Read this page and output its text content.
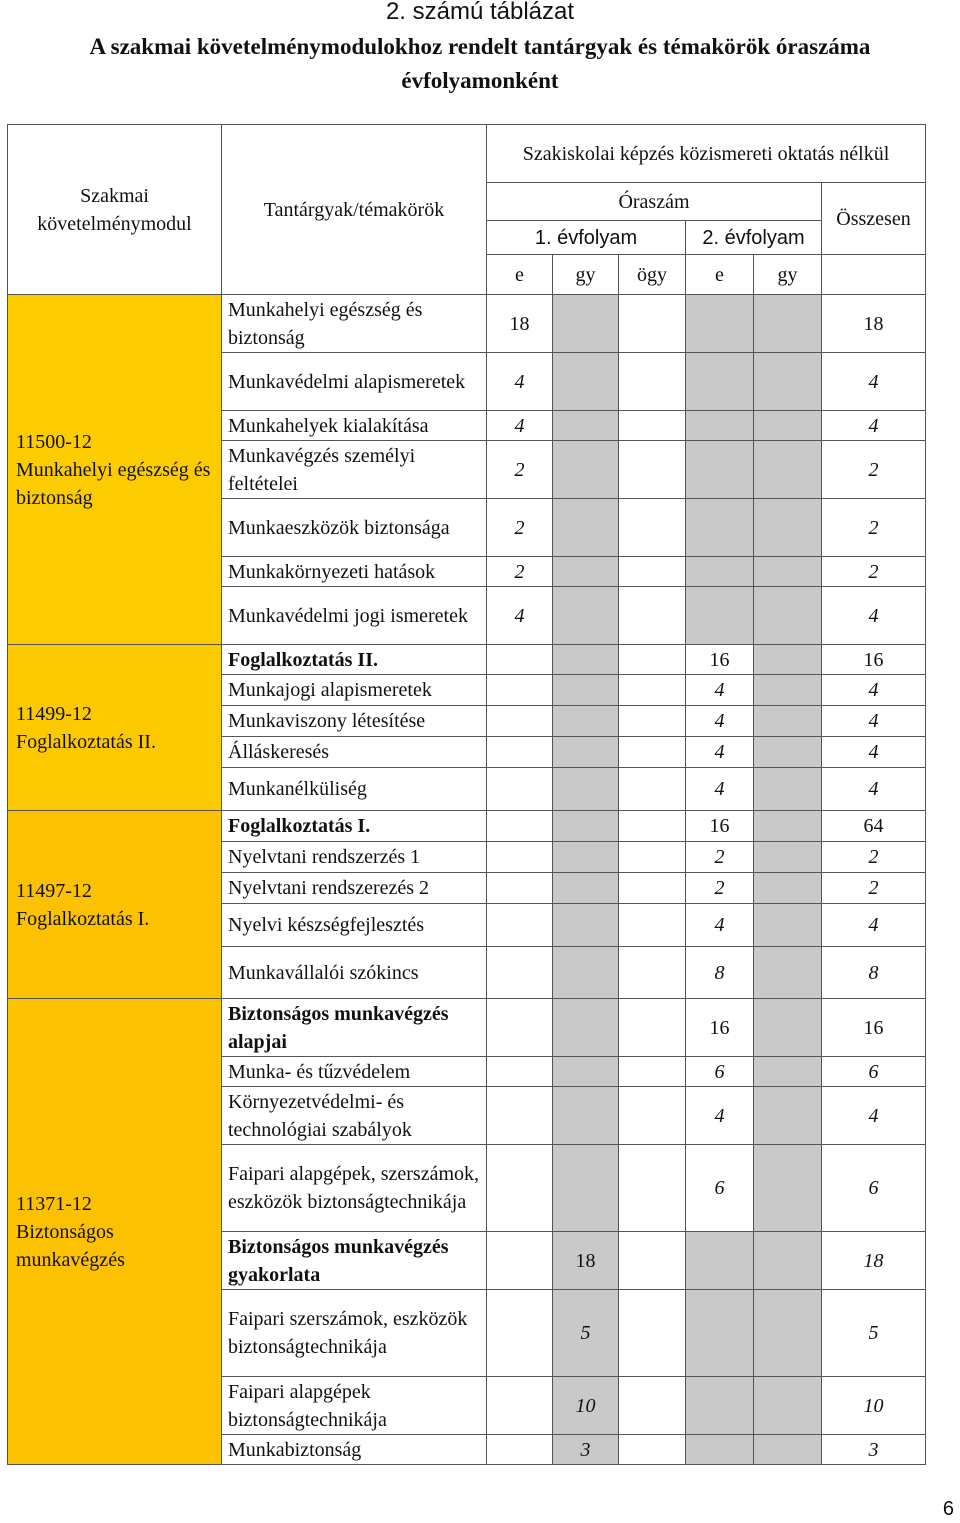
2. számú táblázat
A szakmai követelménymodulokhoz rendelt tantárgyak és témakörök óraszáma
évfolyamonként
Szakmai követelménymodul	Tantárgyak/témakörök	Szakiskolai képzés közismereti oktatás nélkül					
		Óraszám					Összesen
		1. évfolyam			2. évfolyam		
		e	gy	ögy	e	gy	
11500-12
Munkahelyi egészség és biztonság	Munkahelyi egészség és biztonság	18					18
	Munkavédelmi alapismeretek	4					4
	Munkahelyek kialakítása	4					4
	Munkavégzés személyi feltételei	2					2
	Munkaeszközök biztonsága	2					2
	Munkakörnyezeti hatások	2					2
	Munkavédelmi jogi ismeretek	4					4
11499-12
Foglalkoztatás II.	Foglalkoztatás II.				16		16
	Munkajogi alapismeretek				4		4
	Munkaviszony létesítése				4		4
	Álláskeresés				4		4
	Munkanélküliség				4		4
11497-12
Foglalkoztatás I.	Foglalkoztatás I.				16		64
	Nyelvtani rendszerzés 1				2		2
	Nyelvtani rendszerezés 2				2		2
	Nyelvi készségfejlesztés				4		4
	Munkavállalói szókincs				8		8
11371-12
Biztonságos munkavégzés	Biztonságos munkavégzés alapjai				16		16
	Munka- és tűzvédelem				6		6
	Környezetvédelmi- és technológiai szabályok				4		4
	Faipari alapgépek, szerszámok, eszközök biztonságtechnikája				6		6
	Biztonságos munkavégzés gyakorlata		18				18
	Faipari szerszámok, eszközök biztonságtechnikája		5				5
	Faipari alapgépek biztonságtechnikája		10				10
	Munkabiztonság		3				3
6
